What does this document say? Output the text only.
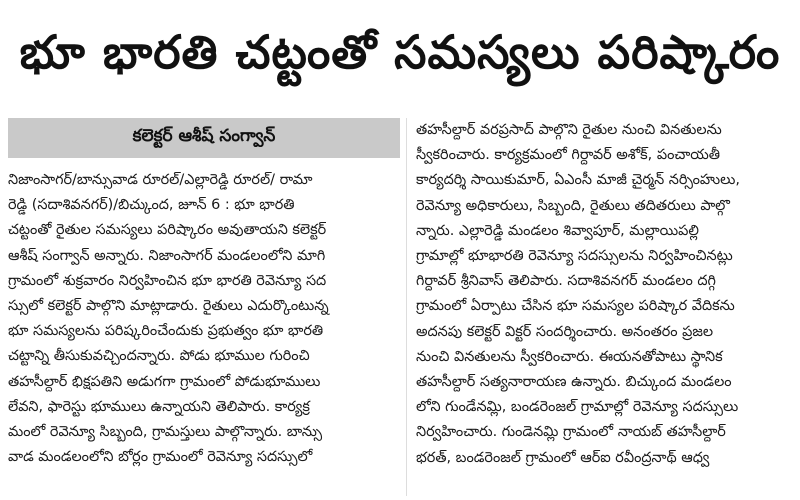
భూ భారతి చట్టంతో సమస్యలు పరిష్కారం
కలెక్టర్ ఆశీష్ సంగ్వాన్
నిజాంసాగర్/బాన్సువాడ రూరల్/ఎల్లారెడ్డి రూరల్/ రామా
రెడ్డి (సదాశివనగర్)/బిచ్కుంద, జూన్ 6 : భూ భారతి
చట్టంతో రైతుల సమస్యలు పరిష్కారం అవుతాయని కలెక్టర్
ఆశీష్ సంగ్వాన్ అన్నారు. నిజాంసాగర్ మండలంలోని మాగి
గ్రామంలో శుక్రవారం నిర్వహించిన భూ భారతి రెవెన్యూ సద
స్సులో కలెక్టర్ పాల్గొని మాట్లాడారు. రైతులు ఎదుర్కొంటున్న
భూ సమస్యలను పరిష్కరించేందుకు ప్రభుత్వం భూ భారతి
చట్టాన్ని తీసుకువచ్చిందన్నారు. పోడు భూముల గురించి
తహసీల్దార్ భిక్షపతిని అడుగగా గ్రామంలో పోడుభూములు
లేవని, ఫారెస్టు భూములు ఉన్నాయని తెలిపారు. కార్యక్ర
మంలో రెవెన్యూ సిబ్బంది, గ్రామస్తులు పాల్గొన్నారు. బాన్సు
వాడ మండలంలోని బోర్లం గ్రామంలో రెవెన్యూ సదస్సులో
తహసీల్దార్ వరప్రసాద్ పాల్గొని రైతుల నుంచి వినతులను
స్వీకరించారు. కార్యక్రమంలో గిర్దావర్ అశోక్, పంచాయతీ
కార్యదర్శి సాయికుమార్, ఏఎంసీ మాజీ చైర్మన్ నర్సింహులు,
రెవెన్యూ అధికారులు, సిబ్బంది, రైతులు తదితరులు పాల్గొ
న్నారు. ఎల్లారెడ్డి మండలం శివ్వాపూర్, మల్లాయిపల్లి
గ్రామాల్లో భూభారతి రెవెన్యూ సదస్సులను నిర్వహించినట్లు
గిర్దావర్ శ్రీనివాస్ తెలిపారు. సదాశివనగర్ మండలం దగ్గి
గ్రామంలో ఏర్పాటు చేసిన భూ సమస్యల పరిష్కార వేదికను
అదనపు కలెక్టర్ విక్టర్ సందర్శించారు. అనంతరం ప్రజల
నుంచి వినతులను స్వీకరించారు. ఈయనతోపాటు స్థానిక
తహసీల్దార్ సత్యనారాయణ ఉన్నారు. బిచ్కుంద మండలం
లోని గుండేనమ్లి, బండరెంజల్ గ్రామాల్లో రెవెన్యూ సదస్సులు
నిర్వహించారు. గుండెనమ్లి గ్రామంలో నాయబ్ తహసీల్దార్
భరత్, బండరెంజల్ గ్రామంలో ఆర్‌ఐ రవీంద్రనాథ్ ఆధ్వ
